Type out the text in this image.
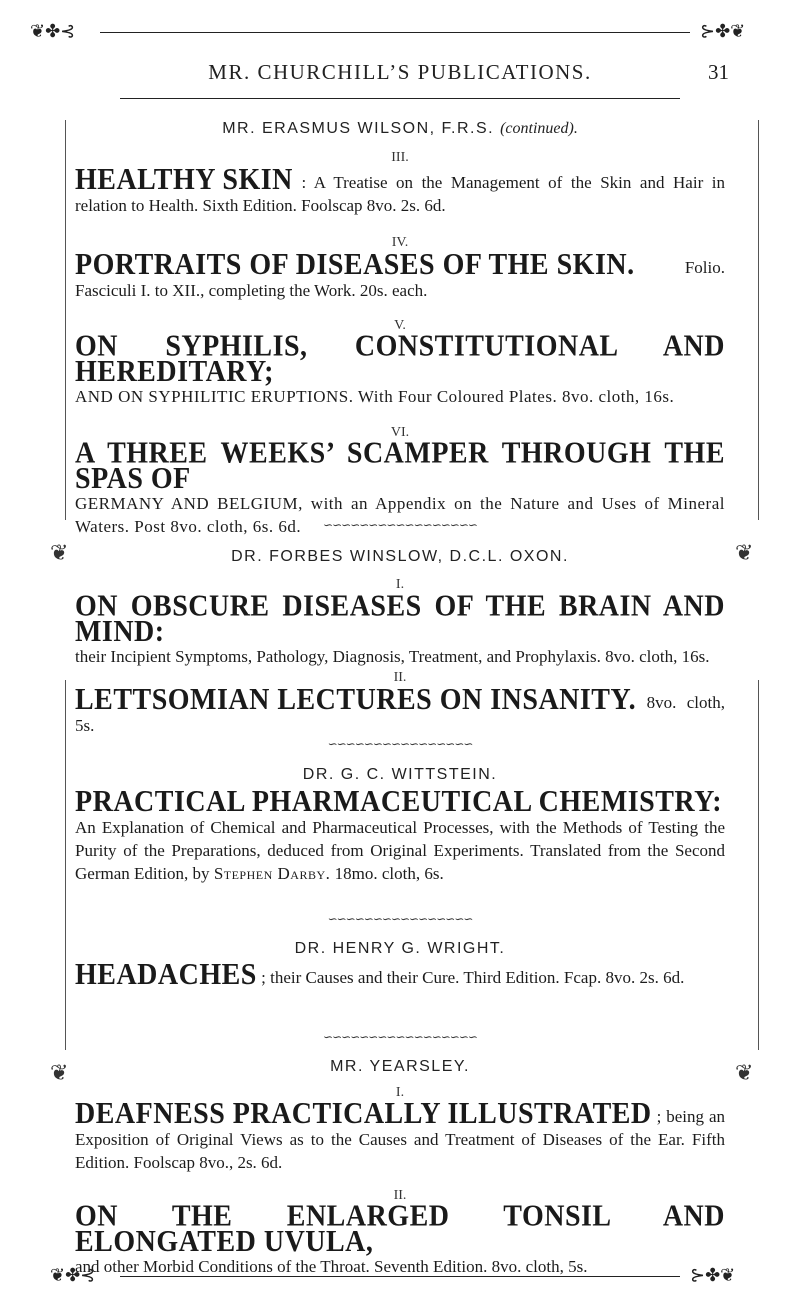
❦✤⊰	⊱✤❦
MR. CHURCHILL’S PUBLICATIONS.	31
❦	❦
❦	❦
MR. ERASMUS WILSON, F.R.S. (continued).
III.
HEALTHY SKIN : A Treatise on the Management of the Skin and Hair in relation to Health. Sixth Edition. Foolscap 8vo. 2s. 6d.
IV.
PORTRAITS OF DISEASES OF THE SKIN.	Folio. Fasciculi I. to XII., completing the Work. 20s. each.
V.
ON SYPHILIS, CONSTITUTIONAL AND HEREDITARY; AND ON SYPHILITIC ERUPTIONS. With Four Coloured Plates. 8vo. cloth, 16s.
VI.
A THREE WEEKS’ SCAMPER THROUGH THE SPAS OF GERMANY AND BELGIUM, with an Appendix on the Nature and Uses of Mineral Waters. Post 8vo. cloth, 6s. 6d.	∽∽∽∽∽∽∽∽∽∽∽∽∽∽∽∽∽
DR. FORBES WINSLOW, D.C.L. OXON.
I.
ON OBSCURE DISEASES OF THE BRAIN AND MIND: their Incipient Symptoms, Pathology, Diagnosis, Treatment, and Prophylaxis. 8vo. cloth, 16s.
II.
LETTSOMIAN LECTURES ON INSANITY. 8vo. cloth, 5s.
∽∽∽∽∽∽∽∽∽∽∽∽∽∽∽∽
DR. G. C. WITTSTEIN.
PRACTICAL PHARMACEUTICAL CHEMISTRY: An Explanation of Chemical and Pharmaceutical Processes, with the Methods of Testing the Purity of the Preparations, deduced from Original Experiments. Translated from the Second German Edition, by Stephen Darby. 18mo. cloth, 6s.
∽∽∽∽∽∽∽∽∽∽∽∽∽∽∽∽
DR. HENRY G. WRIGHT.
HEADACHES ; their Causes and their Cure. Third Edition. Fcap. 8vo. 2s. 6d.
∽∽∽∽∽∽∽∽∽∽∽∽∽∽∽∽∽
MR. YEARSLEY.
I.
DEAFNESS PRACTICALLY ILLUSTRATED ; being an Exposition of Original Views as to the Causes and Treatment of Diseases of the Ear. Fifth Edition. Foolscap 8vo., 2s. 6d.
II.
ON THE ENLARGED TONSIL AND ELONGATED UVULA, and other Morbid Conditions of the Throat. Seventh Edition. 8vo. cloth, 5s.
❦✤⊰	⊱✤❦
